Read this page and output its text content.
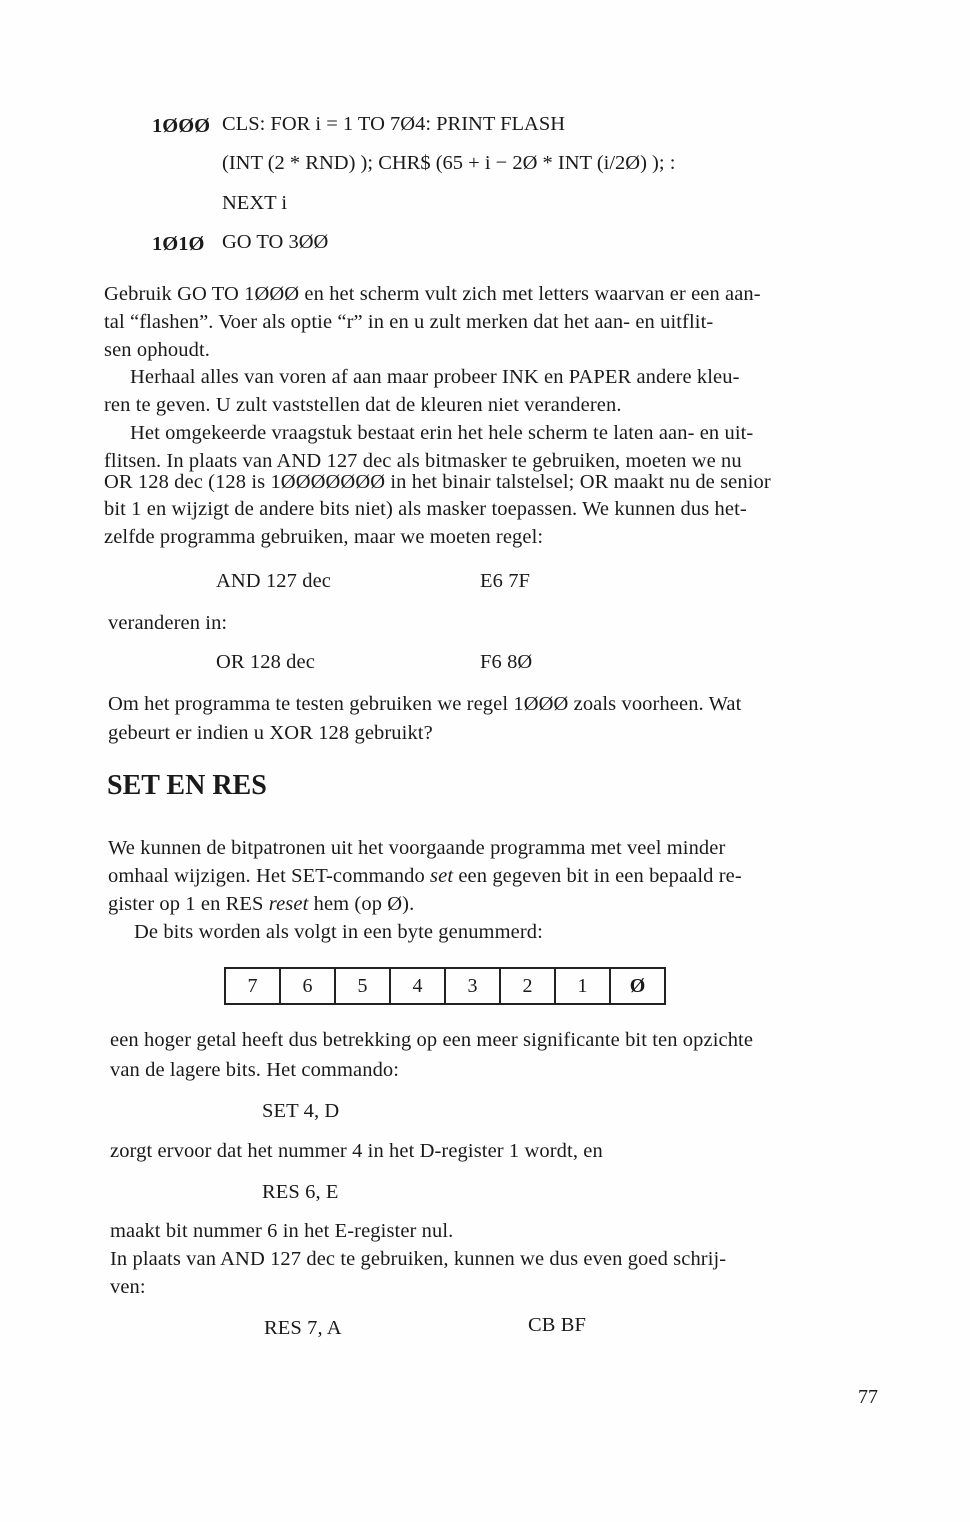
1ØØØ CLS: FOR i = 1 TO 7Ø4: PRINT FLASH
(INT (2 * RND) ); CHR$ (65 + i − 2Ø * INT (i/2Ø) ); :
NEXT i
1Ø1Ø GO TO 3ØØ
Gebruik GO TO 1ØØØ en het scherm vult zich met letters waarvan er een aan-
tal “flashen”. Voer als optie “r” in en u zult merken dat het aan- en uitflit-
sen ophoudt.
Herhaal alles van voren af aan maar probeer INK en PAPER andere kleu-
ren te geven. U zult vaststellen dat de kleuren niet veranderen.
Het omgekeerde vraagstuk bestaat erin het hele scherm te laten aan- en uit-
flitsen. In plaats van AND 127 dec als bitmasker te gebruiken, moeten we nu
OR 128 dec (128 is 1ØØØØØØØ in het binair talstelsel; OR maakt nu de senior
bit 1 en wijzigt de andere bits niet) als masker toepassen. We kunnen dus het-
zelfde programma gebruiken, maar we moeten regel:
AND 127 dec	E6 7F
veranderen in:
OR 128 dec	F6 8Ø
Om het programma te testen gebruiken we regel 1ØØØ zoals voorheen. Wat
gebeurt er indien u XOR 128 gebruikt?
SET EN RES
We kunnen de bitpatronen uit het voorgaande programma met veel minder
omhaal wijzigen. Het SET-commando set een gegeven bit in een bepaald re-
gister op 1 en RES reset hem (op Ø).
De bits worden als volgt in een byte genummerd:
7	6	5	4	3	2	1	Ø
een hoger getal heeft dus betrekking op een meer significante bit ten opzichte
van de lagere bits. Het commando:
SET 4, D
zorgt ervoor dat het nummer 4 in het D-register 1 wordt, en
RES 6, E
maakt bit nummer 6 in het E-register nul.
In plaats van AND 127 dec te gebruiken, kunnen we dus even goed schrij-
ven:
RES 7, A	CB BF
77
